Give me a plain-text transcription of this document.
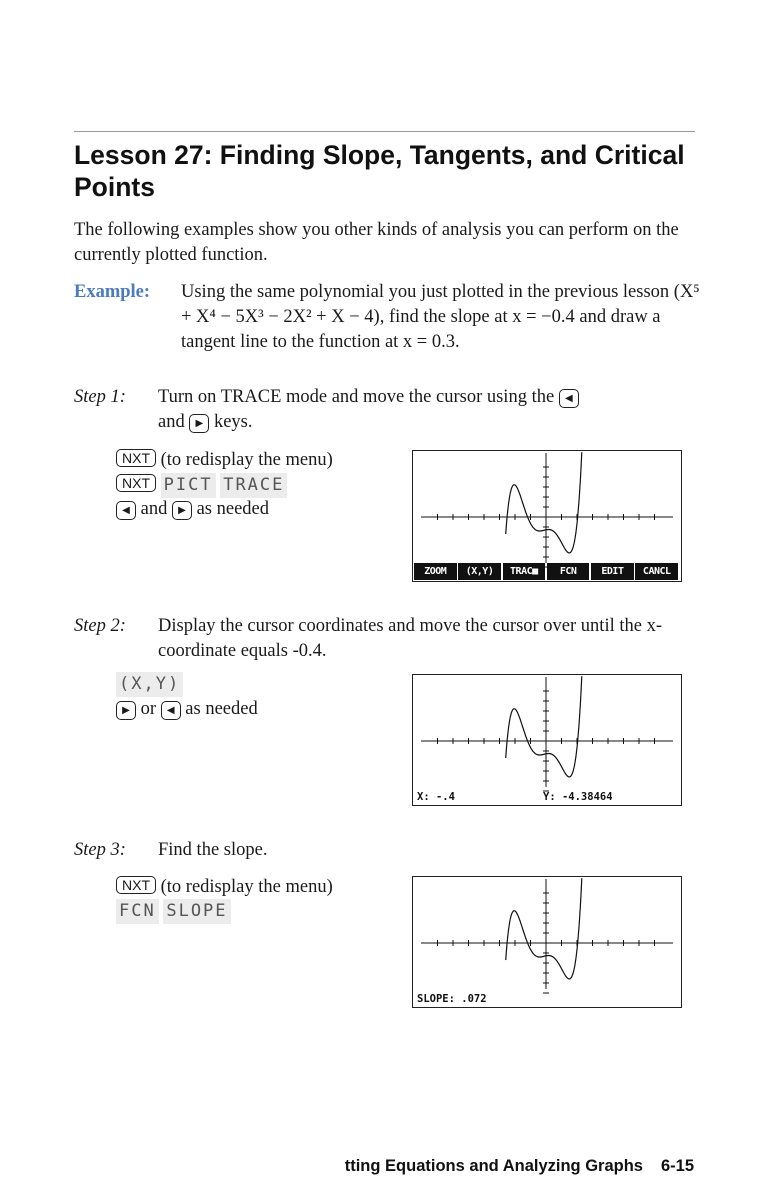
Lesson 27: Finding Slope, Tangents, and Critical Points

The following examples show you other kinds of analysis you can perform on the currently plotted function.

Example: Using the same polynomial you just plotted in the previous lesson (X⁵ + X⁴ − 5X³ − 2X² + X − 4), find the slope at x = −0.4 and draw a tangent line to the function at x = 0.3.

Step 1: Turn on TRACE mode and move the cursor using the ◀
and ▶ keys.

NXT (to redisplay the menu)
NXT PICT TRACE
◀ and ▶ as needed
ZOOM	(X,Y)	TRAC■	FCN	EDIT	CANCL
Step 2: Display the cursor coordinates and move the cursor over until the x-coordinate equals -0.4.

(X,Y)
▶ or ◀ as needed
X: -.4	Y: -4.38464
Step 3: Find the slope.

NXT (to redisplay the menu)
FCN SLOPE
SLOPE: .072
tting Equations and Analyzing Graphs 6-15
